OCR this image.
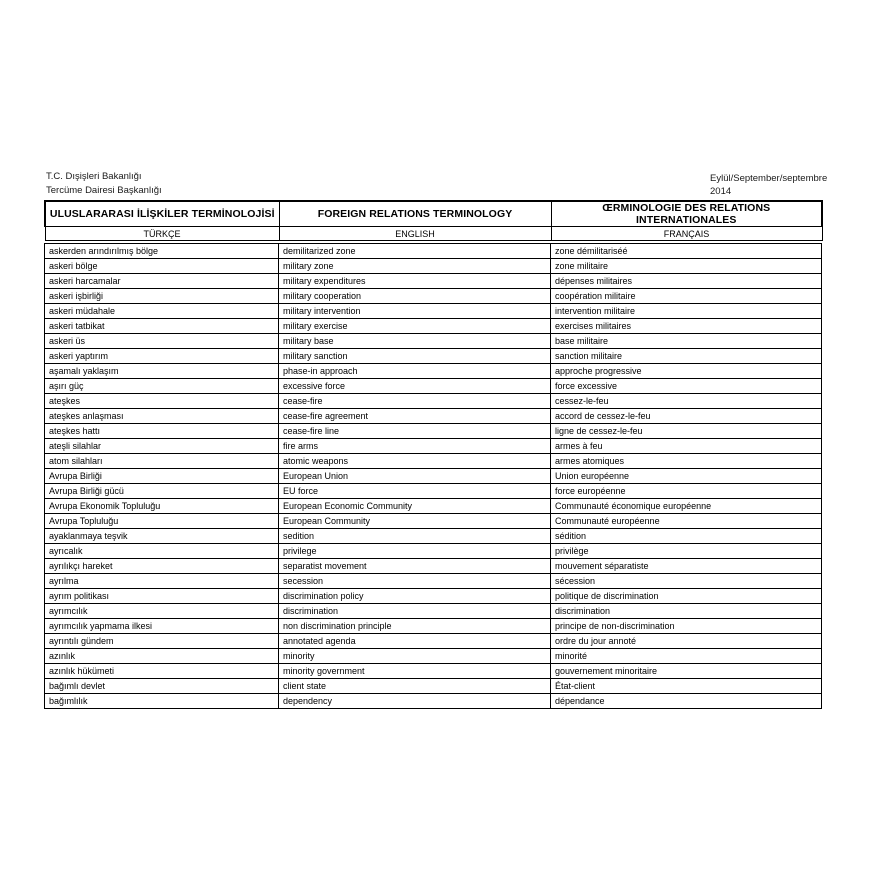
T.C. Dışişleri Bakanlığı
Tercüme Dairesi Başkanlığı
Eylül/September/septembre
2014
ULUSLARARASI İLİŞKİLER TERMİNOLOJİSİ	FOREIGN RELATIONS TERMINOLOGY	ŒRMINOLOGIE DES RELATIONS INTERNATIONALES
TÜRKÇE	ENGLISH	FRANÇAIS
askerden arındırılmış bölge	demilitarized zone	zone démilitariséé
askeri bölge	military zone	zone militaire
askeri harcamalar	military expenditures	dépenses militaires
askeri işbirliği	military cooperation	coopération militaire
askeri müdahale	military intervention	intervention militaire
askeri tatbikat	military exercise	exercises militaires
askeri üs	military base	base militaire
askeri yaptırım	military sanction	sanction militaire
aşamalı yaklaşım	phase-in approach	approche progressive
aşırı güç	excessive force	force excessive
ateşkes	cease-fire	cessez-le-feu
ateşkes anlaşması	cease-fire agreement	accord de cessez-le-feu
ateşkes hattı	cease-fire line	ligne de cessez-le-feu
ateşli silahlar	fire arms	armes à feu
atom silahları	atomic weapons	armes atomiques
Avrupa Birliği	European Union	Union européenne
Avrupa Birliği gücü	EU force	force européenne
Avrupa Ekonomik Topluluğu	European Economic Community	Communauté économique européenne
Avrupa Topluluğu	European Community	Communauté européenne
ayaklanmaya teşvik	sedition	sédition
ayrıcalık	privilege	privilège
ayrılıkçı hareket	separatist movement	mouvement séparatiste
ayrılma	secession	sécession
ayrım politikası	discrimination policy	politique de discrimination
ayrımcılık	discrimination	discrimination
ayrımcılık yapmama ilkesi	non discrimination principle	principe de non-discrimination
ayrıntılı gündem	annotated agenda	ordre du jour annoté
azınlık	minority	minorité
azınlık hükümeti	minority government	gouvernement minoritaire
bağımlı devlet	client state	État-client
bağımlılık	dependency	dépendance
